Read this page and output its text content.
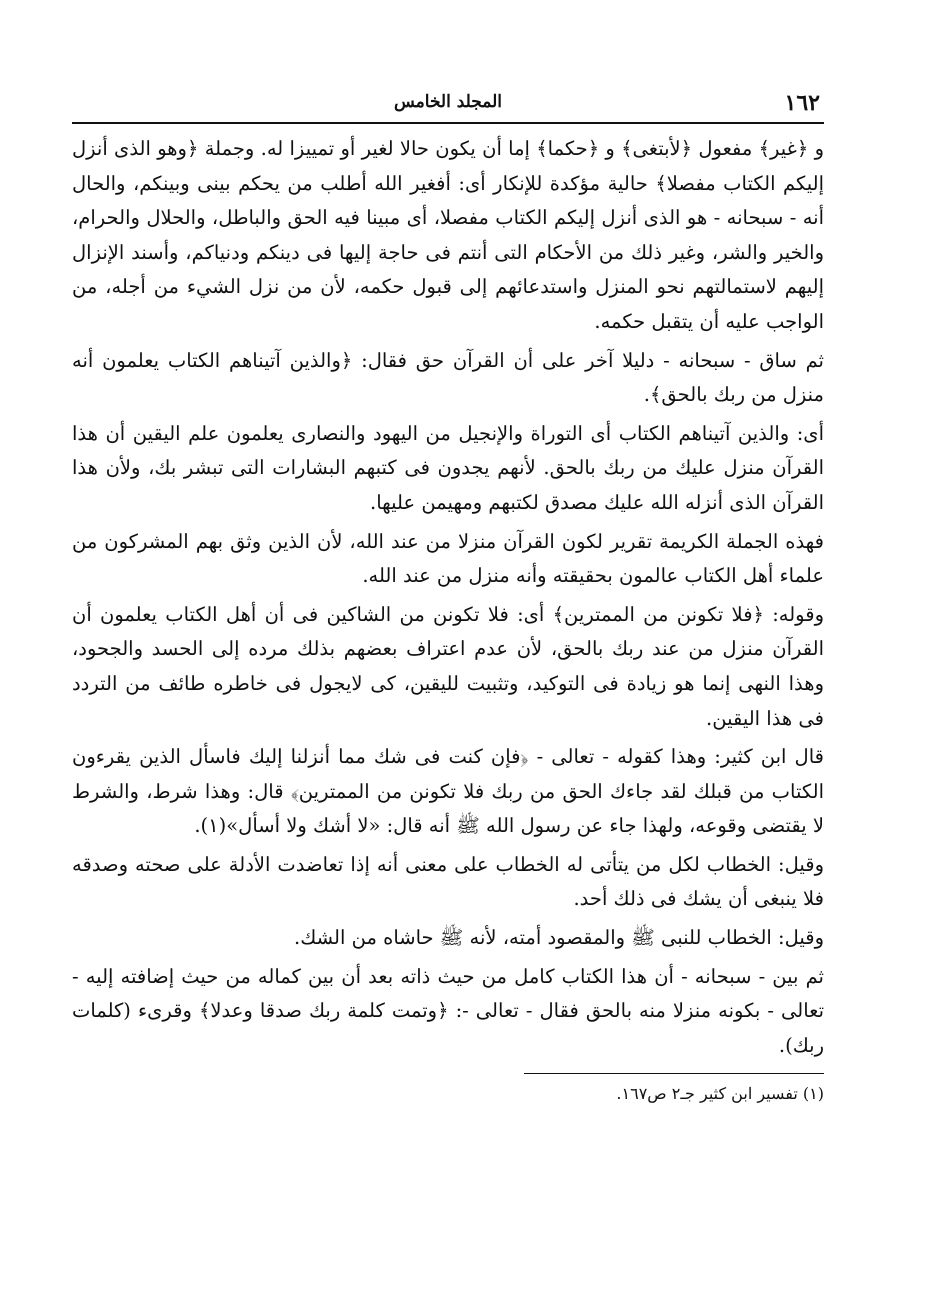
١٦٢
المجلد الخامس

و ﴿غير﴾ مفعول ﴿لأبتغى﴾ و ﴿حكما﴾ إما أن يكون حالا لغير أو تمييزا له. وجملة ﴿وهو الذى أنزل إليكم الكتاب مفصلا﴾ حالية مؤكدة للإنكار أى: أفغير الله أطلب من يحكم بينى وبينكم، والحال أنه - سبحانه - هو الذى أنزل إليكم الكتاب مفصلا، أى مبينا فيه الحق والباطل، والحلال والحرام، والخير والشر، وغير ذلك من الأحكام التى أنتم فى حاجة إليها فى دينكم ودنياكم، وأسند الإنزال إليهم لاستمالتهم نحو المنزل واستدعائهم إلى قبول حكمه، لأن من نزل الشيء من أجله، من الواجب عليه أن يتقبل حكمه.

ثم ساق - سبحانه - دليلا آخر على أن القرآن حق فقال: ﴿والذين آتيناهم الكتاب يعلمون أنه منزل من ربك بالحق﴾.

أى: والذين آتيناهم الكتاب أى التوراة والإنجيل من اليهود والنصارى يعلمون علم اليقين أن هذا القرآن منزل عليك من ربك بالحق. لأنهم يجدون فى كتبهم البشارات التى تبشر بك، ولأن هذا القرآن الذى أنزله الله عليك مصدق لكتبهم ومهيمن عليها.

فهذه الجملة الكريمة تقرير لكون القرآن منزلا من عند الله، لأن الذين وثق بهم المشركون من علماء أهل الكتاب عالمون بحقيقته وأنه منزل من عند الله.

وقوله: ﴿فلا تكونن من الممترين﴾ أى: فلا تكونن من الشاكين فى أن أهل الكتاب يعلمون أن القرآن منزل من عند ربك بالحق، لأن عدم اعتراف بعضهم بذلك مرده إلى الحسد والجحود، وهذا النهى إنما هو زيادة فى التوكيد، وتثبيت لليقين، كى لايجول فى خاطره طائف من التردد فى هذا اليقين.

قال ابن كثير: وهذا كقوله - تعالى - ﴿فإن كنت فى شك مما أنزلنا إليك فاسأل الذين يقرءون الكتاب من قبلك لقد جاءك الحق من ربك فلا تكونن من الممترين﴾ قال: وهذا شرط، والشرط لا يقتضى وقوعه، ولهذا جاء عن رسول الله ﷺ أنه قال: «لا أشك ولا أسأل»(١).

وقيل: الخطاب لكل من يتأتى له الخطاب على معنى أنه إذا تعاضدت الأدلة على صحته وصدقه فلا ينبغى أن يشك فى ذلك أحد.

وقيل: الخطاب للنبى ﷺ والمقصود أمته، لأنه ﷺ حاشاه من الشك.

ثم بين - سبحانه - أن هذا الكتاب كامل من حيث ذاته بعد أن بين كماله من حيث إضافته إليه - تعالى - بكونه منزلا منه بالحق فقال - تعالى -: ﴿وتمت كلمة ربك صدقا وعدلا﴾ وقرىء (كلمات ربك).

(١) تفسير ابن كثير جـ٢ ص١٦٧.
